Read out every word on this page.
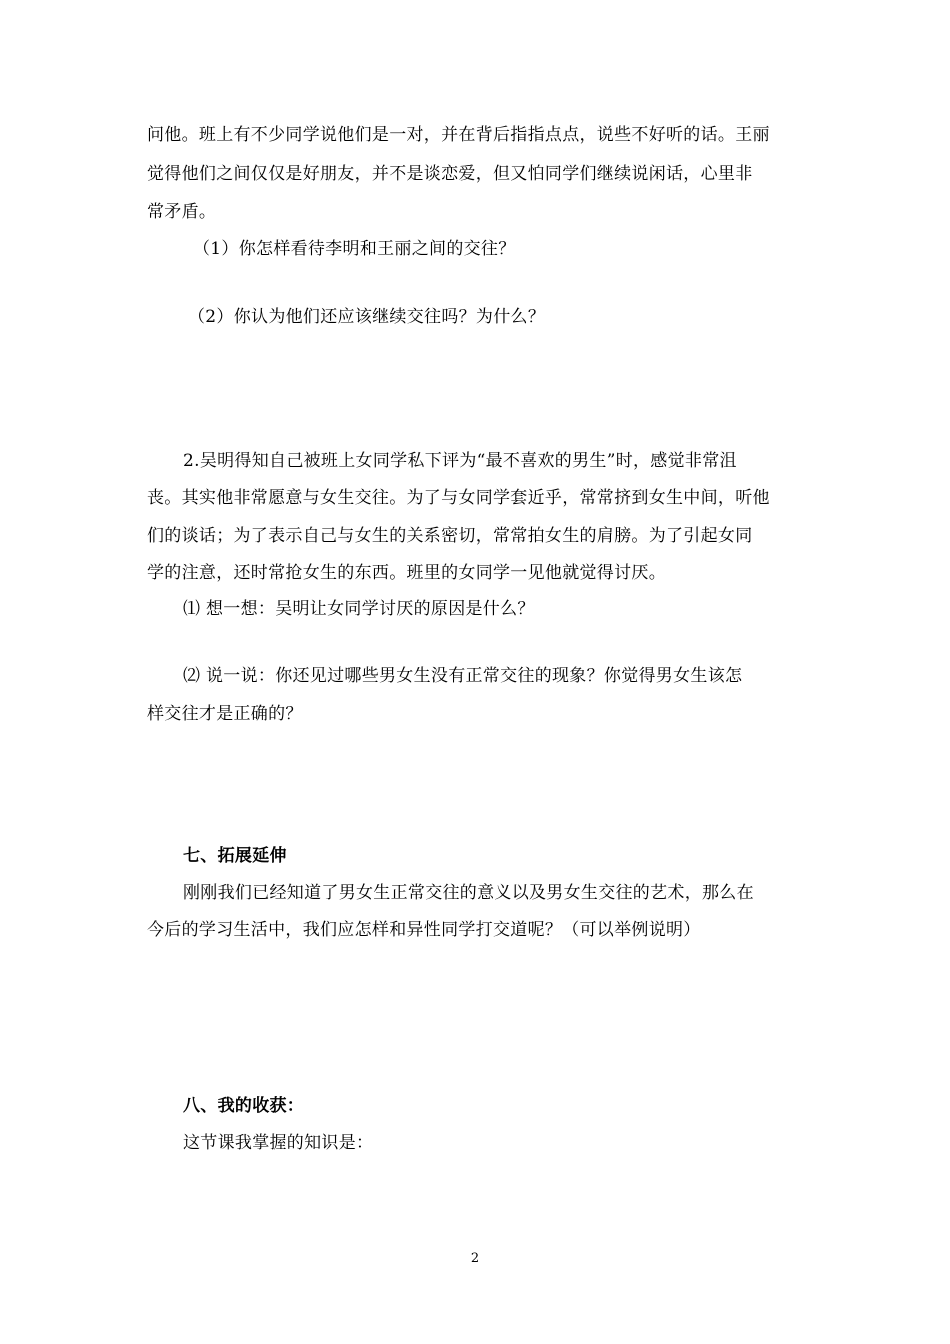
问他。班上有不少同学说他们是一对，并在背后指指点点，说些不好听的话。王丽
觉得他们之间仅仅是好朋友，并不是谈恋爱，但又怕同学们继续说闲话，心里非
常矛盾。
（1）你怎样看待李明和王丽之间的交往？
（2）你认为他们还应该继续交往吗？为什么？
2.吴明得知自己被班上女同学私下评为“最不喜欢的男生”时，感觉非常沮
丧。其实他非常愿意与女生交往。为了与女同学套近乎，常常挤到女生中间，听他
们的谈话；为了表示自己与女生的关系密切，常常拍女生的肩膀。为了引起女同
学的注意，还时常抢女生的东西。班里的女同学一见他就觉得讨厌。
⑴ 想一想：吴明让女同学讨厌的原因是什么？
⑵ 说一说：你还见过哪些男女生没有正常交往的现象？你觉得男女生该怎
样交往才是正确的？
七、拓展延伸
刚刚我们已经知道了男女生正常交往的意义以及男女生交往的艺术，那么在
今后的学习生活中，我们应怎样和异性同学打交道呢？（可以举例说明）
八、我的收获：
这节课我掌握的知识是：
2
